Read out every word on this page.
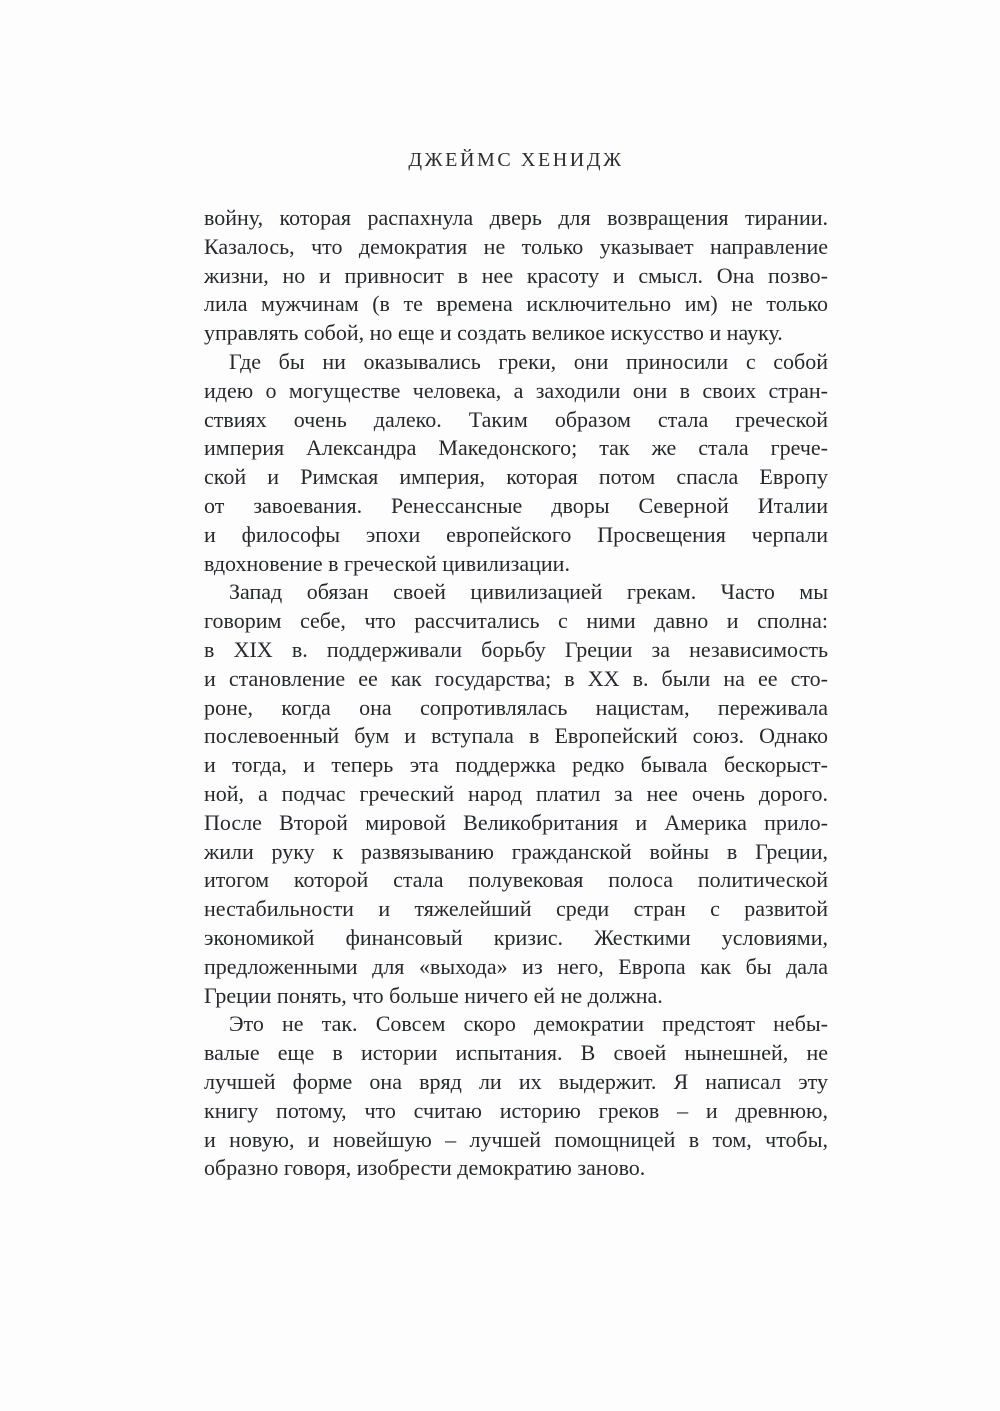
ДЖЕЙМС ХЕНИДЖ
войну, которая распахнула дверь для возвращения тирании.
Казалось, что демократия не только указывает направление
жизни, но и привносит в нее красоту и смысл. Она позво-
лила мужчинам (в те времена исключительно им) не только
управлять собой, но еще и создать великое искусство и науку.
Где бы ни оказывались греки, они приносили с собой
идею о могуществе человека, а заходили они в своих стран-
ствиях очень далеко. Таким образом стала греческой
империя Александра Македонского; так же стала грече-
ской и Римская империя, которая потом спасла Европу
от завоевания. Ренессансные дворы Северной Италии
и философы эпохи европейского Просвещения черпали
вдохновение в греческой цивилизации.
Запад обязан своей цивилизацией грекам. Часто мы
говорим себе, что рассчитались с ними давно и сполна:
в XIX в. поддерживали борьбу Греции за независимость
и становление ее как государства; в XX в. были на ее сто-
роне, когда она сопротивлялась нацистам, переживала
послевоенный бум и вступала в Европейский союз. Однако
и тогда, и теперь эта поддержка редко бывала бескорыст-
ной, а подчас греческий народ платил за нее очень дорого.
После Второй мировой Великобритания и Америка прило-
жили руку к развязыванию гражданской войны в Греции,
итогом которой стала полувековая полоса политической
нестабильности и тяжелейший среди стран с развитой
экономикой финансовый кризис. Жесткими условиями,
предложенными для «выхода» из него, Европа как бы дала
Греции понять, что больше ничего ей не должна.
Это не так. Совсем скоро демократии предстоят небы-
валые еще в истории испытания. В своей нынешней, не
лучшей форме она вряд ли их выдержит. Я написал эту
книгу потому, что считаю историю греков – и древнюю,
и новую, и новейшую – лучшей помощницей в том, чтобы,
образно говоря, изобрести демократию заново.
